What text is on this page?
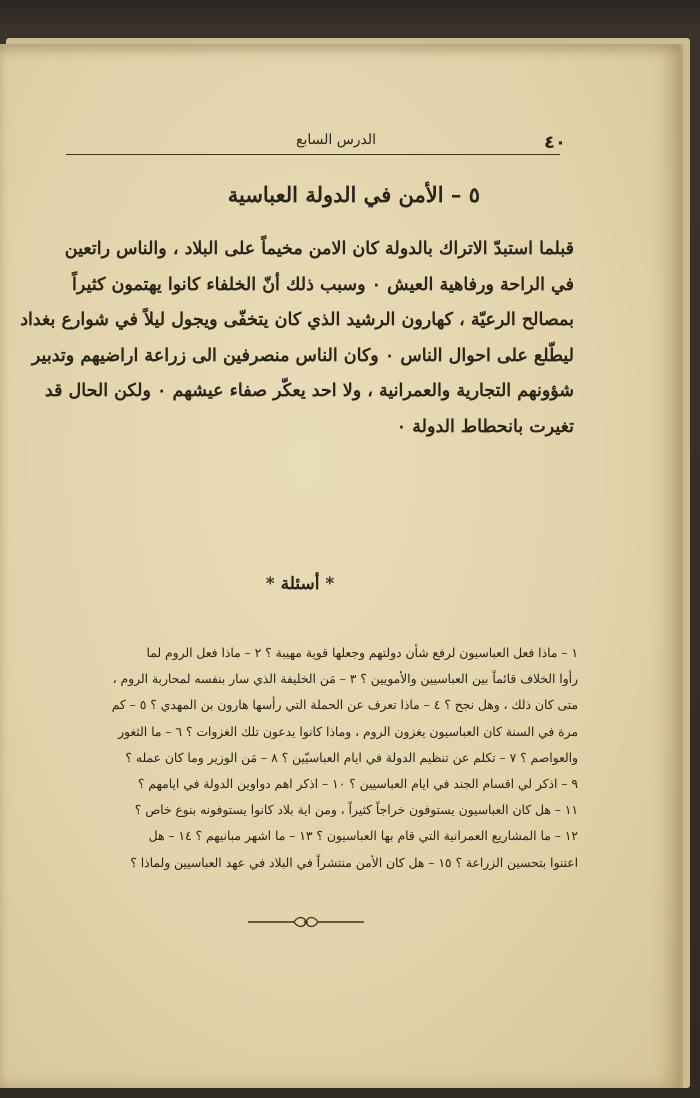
٤٠
الدرس السابع
٥ – الأمن في الدولة العباسية
قبلما استبدّ الاتراك بالدولة كان الامن مخيماً على البلاد ، والناس راتعين
في الراحة ورفاهية العيش ٠ وسبب ذلك أنّ الخلفاء كانوا يهتمون كثيراً
بمصالح الرعيّة ، كهارون الرشيد الذي كان يتخفّى ويجول ليلاً في شوارع بغداد
ليطّلع على احوال الناس ٠ وكان الناس منصرفين الى زراعة اراضيهم وتدبير
شؤونهم التجارية والعمرانية ، ولا احد يعكّر صفاء عيشهم ٠ ولكن الحال قد
تغيرت بانحطاط الدولة ٠
* أسئلة *
١ – ماذا فعل العباسيون لرفع شأن دولتهم وجعلها قوية مهيبة ؟ ٢ – ماذا فعل الروم لما
رأوا الخلاف قائماً بين العباسيين والأمويين ؟ ٣ – مَن الخليفة الذي سار بنفسه لمحاربة الروم ،
متى كان ذلك ، وهل نجح ؟ ٤ – ماذا تعرف عن الحملة التي رأسها هارون بن المهدي ؟ ٥ – كم
مرة في السنة كان العباسيون يغزون الروم ، وماذا كانوا يدعون تلك الغزوات ؟ ٦ – ما الثغور
والعواصم ؟ ٧ – تكلم عن تنظيم الدولة في ايام العباسيّين ؟ ٨ – مَن الوزير وما كان عمله ؟
٩ – اذكر لي اقسام الجند في ايام العباسيين ؟ ١٠ – اذكر اهم دواوين الدولة في ايامهم ؟
١١ – هل كان العباسيون يستوفون خراجاً كثيراً ، ومن اية بلاد كانوا يستوفونه بنوع خاص ؟
١٢ – ما المشاريع العمرانية التي قام بها العباسيون ؟ ١٣ – ما اشهر مبانيهم ؟ ١٤ – هل
اعتنوا بتحسين الزراعة ؟ ١٥ – هل كان الأمن منتشراً في البلاد في عهد العباسيين ولماذا ؟
